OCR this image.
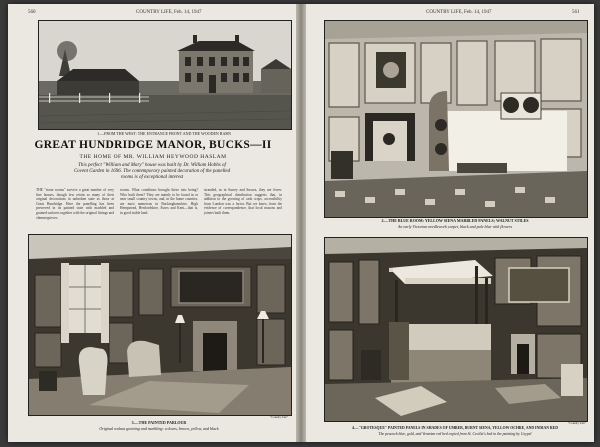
560	COUNTRY LIFE, Feb. 14, 1947
1.—FROM THE WEST: THE ENTRANCE FRONT AND THE WOODEN BARN
GREAT HUNDRIDGE MANOR, BUCKS—II
THE HOME OF MR. WILLIAM HEYWOOD HASLAM
This perfect "William and Mary" house was built by Dr. William Hobbs of
Covent Garden in 1696. The contemporary painted decoration of the panelled
rooms is of exceptional interest
THE "stone rooms" survive a great number of very fine houses, though few retain so many of their original decorations in unbroken state as those at Great Hundridge. Here the panelling has been preserved in its painted state with marbled and grained surfaces together with the original fittings and chimneypieces.
rooms. What conditions brought these into being? Who built them? They are mainly to be found in or near small country towns, and, in the home counties, are most numerous in Buckinghamshire, High Hempstead, Hertfordshire, Essex and Kent—that is, in good stable land.
stranded, as in Surrey and Sussex, they are fewer. This geographical distribution suggests that, in addition to the growing of cash crops, accessibility from London was a factor. But we know, from the evidence of correspondence, that local masons and joiners built them.
·	"Country Life"
3.—THE PAINTED PARLOUR
Original walnut graining and marbling: colours, brown, yellow, and black
COUNTRY LIFE, Feb. 14, 1947	561
2.—THE BLUE ROOM: YELLOW SIENA MARBLED PANELS; WALNUT STILES
An early Victorian needlework carpet, black and pale blue with flowers
"Country Life"
4.—"GROTESQUE" PAINTED PANELS IN SHADES OF UMBER, BURNT SIENA, YELLOW OCHRE, AND INDIAN RED
The peacock blue, gold, and Venetian red bed copied from St. Cecilia's bed in the painting by Coypel
